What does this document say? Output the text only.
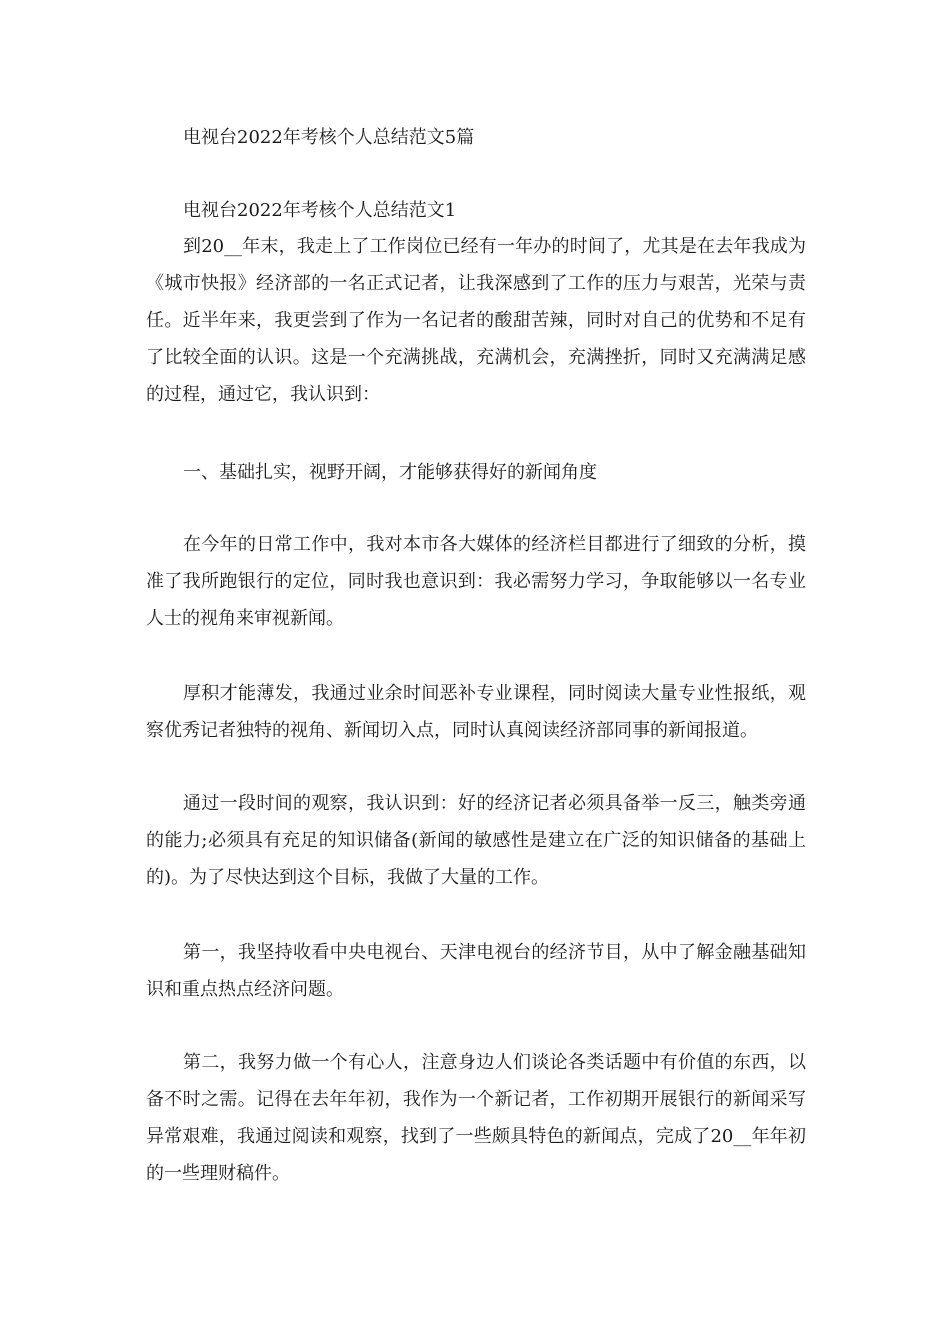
电视台2022年考核个人总结范文5篇
电视台2022年考核个人总结范文1

到20__年末，我走上了工作岗位已经有一年办的时间了，尤其是在去年我成为《城市快报》经济部的一名正式记者，让我深感到了工作的压力与艰苦，光荣与责任。近半年来，我更尝到了作为一名记者的酸甜苦辣，同时对自己的优势和不足有了比较全面的认识。这是一个充满挑战，充满机会，充满挫折，同时又充满满足感的过程，通过它，我认识到：

一、基础扎实，视野开阔，才能够获得好的新闻角度

在今年的日常工作中，我对本市各大媒体的经济栏目都进行了细致的分析，摸准了我所跑银行的定位，同时我也意识到：我必需努力学习，争取能够以一名专业人士的视角来审视新闻。

厚积才能薄发，我通过业余时间恶补专业课程，同时阅读大量专业性报纸，观察优秀记者独特的视角、新闻切入点，同时认真阅读经济部同事的新闻报道。

通过一段时间的观察，我认识到：好的经济记者必须具备举一反三，触类旁通的能力;必须具有充足的知识储备(新闻的敏感性是建立在广泛的知识储备的基础上的)。为了尽快达到这个目标，我做了大量的工作。

第一，我坚持收看中央电视台、天津电视台的经济节目，从中了解金融基础知识和重点热点经济问题。

第二，我努力做一个有心人，注意身边人们谈论各类话题中有价值的东西，以备不时之需。记得在去年年初，我作为一个新记者，工作初期开展银行的新闻采写异常艰难，我通过阅读和观察，找到了一些颇具特色的新闻点，完成了20__年年初的一些理财稿件。
